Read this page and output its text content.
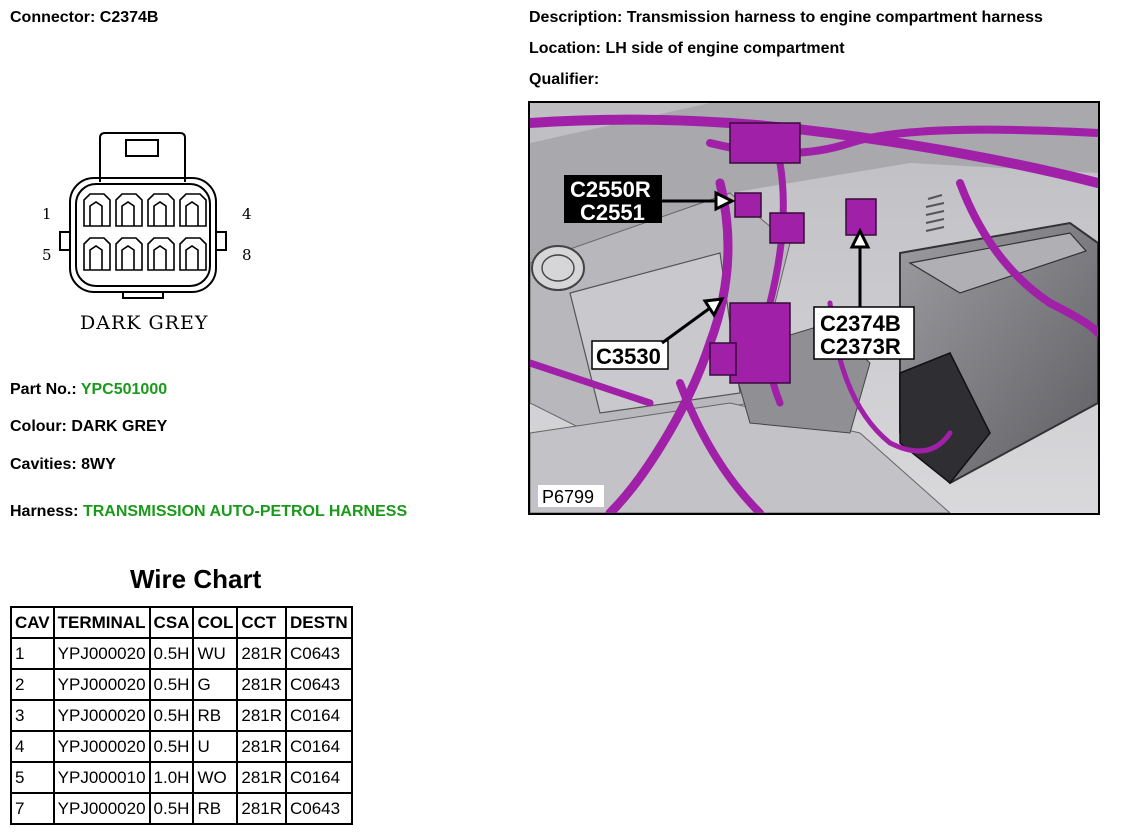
Connector: C2374B	Description: Transmission harness to engine compartment harness
Location: LH side of engine compartment
Qualifier:
1	4
5	8
DARK GREY
Part No.: YPC501000
Colour: DARK GREY
Cavities: 8WY
Harness: TRANSMISSION AUTO-PETROL HARNESS
Wire Chart
CAV	TERMINAL	CSA	COL	CCT	DESTN
1	YPJ000020	0.5H	WU	281R	C0643
2	YPJ000020	0.5H	G	281R	C0643
3	YPJ000020	0.5H	RB	281R	C0164
4	YPJ000020	0.5H	U	281R	C0164
5	YPJ000010	1.0H	WO	281R	C0164
7	YPJ000020	0.5H	RB	281R	C0643
C2550R
C2551
C3530
C2374B
C2373R
P6799
